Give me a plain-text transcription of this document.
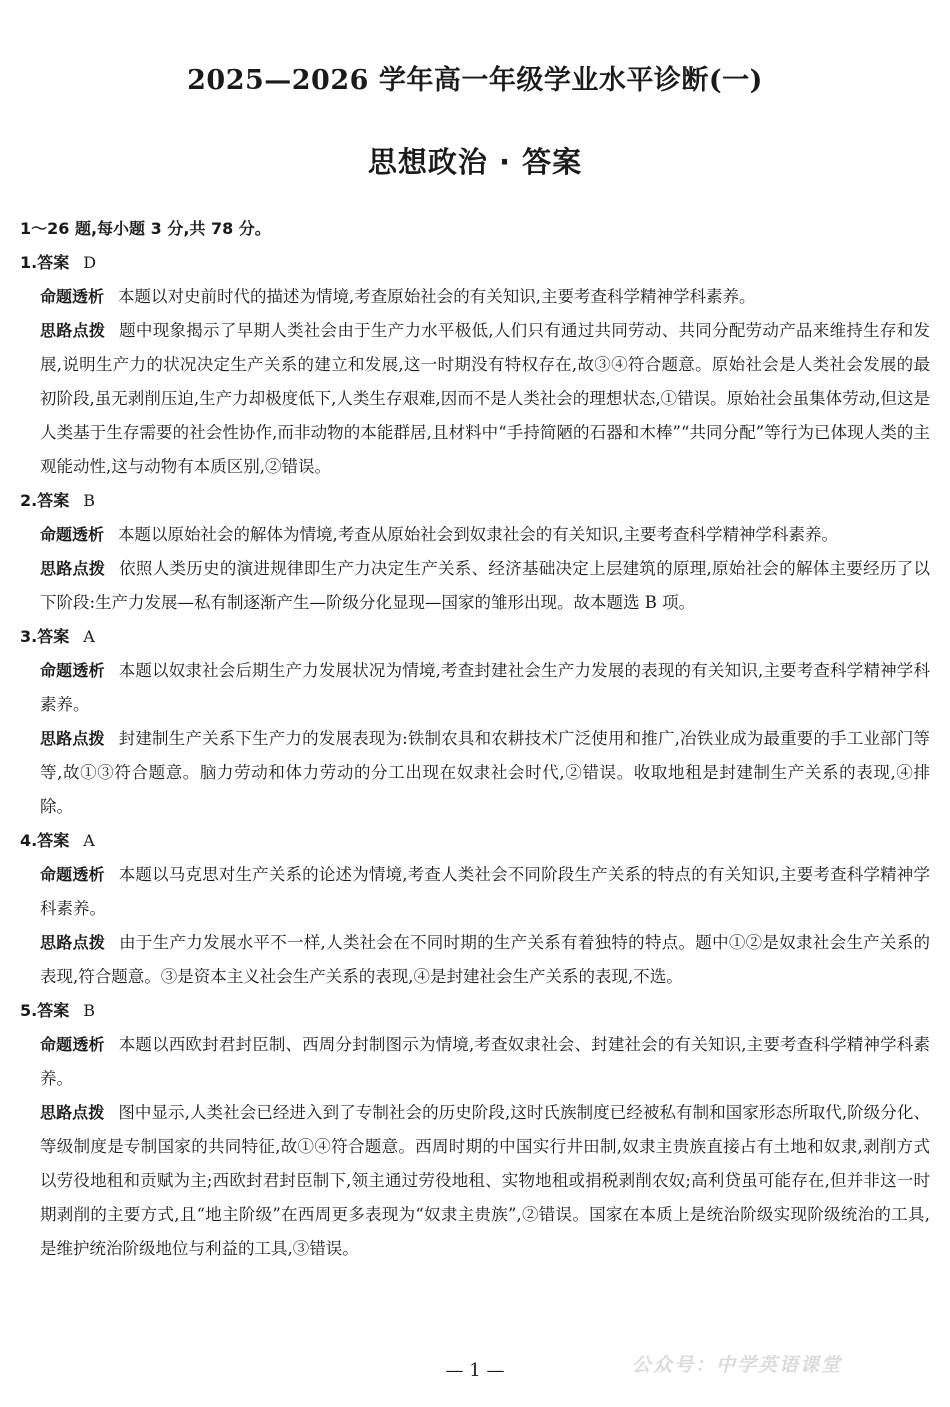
2025—2026 学年高一年级学业水平诊断(一)
思想政治 · 答案
1～26 题,每小题 3 分,共 78 分。
1.答案 D
命题透析 本题以对史前时代的描述为情境,考查原始社会的有关知识,主要考查科学精神学科素养。
思路点拨 题中现象揭示了早期人类社会由于生产力水平极低,人们只有通过共同劳动、共同分配劳动产品来维持生存和发展,说明生产力的状况决定生产关系的建立和发展,这一时期没有特权存在,故③④符合题意。原始社会是人类社会发展的最初阶段,虽无剥削压迫,生产力却极度低下,人类生存艰难,因而不是人类社会的理想状态,①错误。原始社会虽集体劳动,但这是人类基于生存需要的社会性协作,而非动物的本能群居,且材料中“手持简陋的石器和木棒”“共同分配”等行为已体现人类的主观能动性,这与动物有本质区别,②错误。
2.答案 B
命题透析 本题以原始社会的解体为情境,考查从原始社会到奴隶社会的有关知识,主要考查科学精神学科素养。
思路点拨 依照人类历史的演进规律即生产力决定生产关系、经济基础决定上层建筑的原理,原始社会的解体主要经历了以下阶段:生产力发展—私有制逐渐产生—阶级分化显现—国家的雏形出现。故本题选 B 项。
3.答案 A
命题透析 本题以奴隶社会后期生产力发展状况为情境,考查封建社会生产力发展的表现的有关知识,主要考查科学精神学科素养。
思路点拨 封建制生产关系下生产力的发展表现为:铁制农具和农耕技术广泛使用和推广,冶铁业成为最重要的手工业部门等等,故①③符合题意。脑力劳动和体力劳动的分工出现在奴隶社会时代,②错误。收取地租是封建制生产关系的表现,④排除。
4.答案 A
命题透析 本题以马克思对生产关系的论述为情境,考查人类社会不同阶段生产关系的特点的有关知识,主要考查科学精神学科素养。
思路点拨 由于生产力发展水平不一样,人类社会在不同时期的生产关系有着独特的特点。题中①②是奴隶社会生产关系的表现,符合题意。③是资本主义社会生产关系的表现,④是封建社会生产关系的表现,不选。
5.答案 B
命题透析 本题以西欧封君封臣制、西周分封制图示为情境,考查奴隶社会、封建社会的有关知识,主要考查科学精神学科素养。
思路点拨 图中显示,人类社会已经进入到了专制社会的历史阶段,这时氏族制度已经被私有制和国家形态所取代,阶级分化、等级制度是专制国家的共同特征,故①④符合题意。西周时期的中国实行井田制,奴隶主贵族直接占有土地和奴隶,剥削方式以劳役地租和贡赋为主;西欧封君封臣制下,领主通过劳役地租、实物地租或捐税剥削农奴;高利贷虽可能存在,但并非这一时期剥削的主要方式,且“地主阶级”在西周更多表现为“奴隶主贵族”,②错误。国家在本质上是统治阶级实现阶级统治的工具,是维护统治阶级地位与利益的工具,③错误。
— 1 —	公众号：中学英语课堂
